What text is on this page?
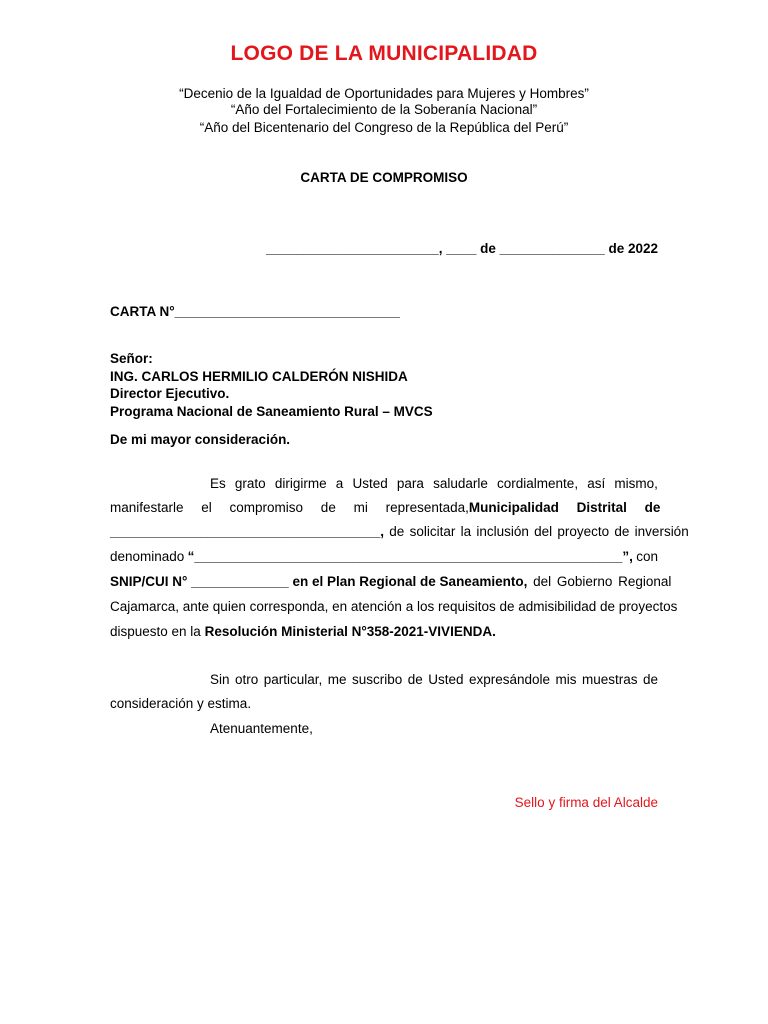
LOGO DE LA MUNICIPALIDAD
“Decenio de la Igualdad de Oportunidades para Mujeres y Hombres”
“Año del Fortalecimiento de la Soberanía Nacional”
“Año del Bicentenario del Congreso de la República del Perú”
CARTA DE COMPROMISO
_______________________, ____ de ______________ de 2022
CARTA N°______________________________
Señor:
ING. CARLOS HERMILIO CALDERÓN NISHIDA
Director Ejecutivo.
Programa Nacional de Saneamiento Rural – MVCS
De mi mayor consideración.
Es grato dirigirme a Usted para saludarle cordialmente, así mismo,
manifestarle el compromiso de mi representada, Municipalidad Distrital de
____________________________________, de solicitar la inclusión del proyecto de inversión
denominado “_________________________________________________________”, con
SNIP/CUI N° _____________ en el Plan Regional de Saneamiento, del Gobierno Regional
Cajamarca, ante quien corresponda, en atención a los requisitos de admisibilidad de proyectos
dispuesto en la Resolución Ministerial N°358-2021-VIVIENDA.
Sin otro particular, me suscribo de Usted expresándole mis muestras de
consideración y estima.
Atenuantemente,
Sello y firma del Alcalde
